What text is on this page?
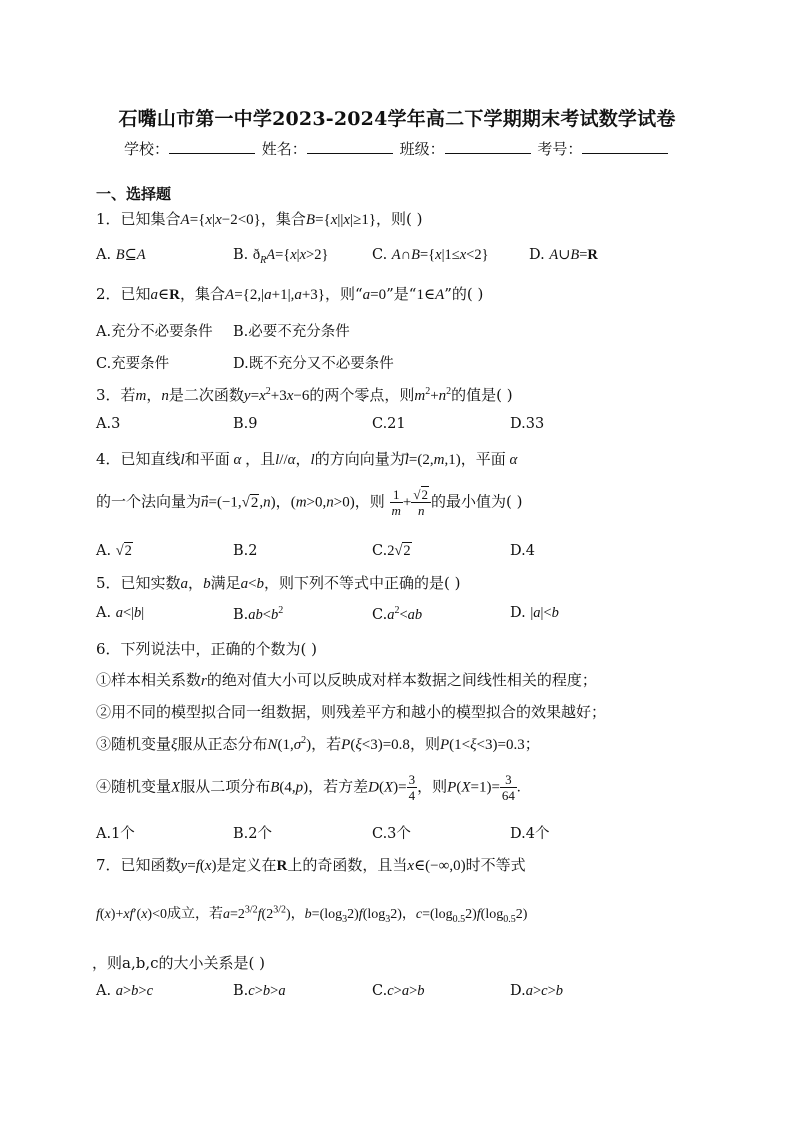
石嘴山市第一中学2023-2024学年高二下学期期末考试数学试卷
学校：	姓名：	班级：	考号：
一、选择题
1．已知集合A={x|x−2<0}，集合B={x||x|≥1}，则( )
A. B⊆A	B. $ð_RA=\{x|x>2\}$	C. A∩B={x|1≤x<2}	D. A∪B=R
2．已知a∈R，集合A={2,|a+1|,a+3}，则“a=0”是“1∈A”的( )
A.充分不必要条件 B.必要不充分条件
C.充要条件	D.既不充分又不必要条件
3．若m，n是二次函数$y=x^2+3x-6$的两个零点，则$m^2+n^2$的值是( )
A.3	B.9	C.21	D.33
4．已知直线l和平面 α ，且l//α，l的方向向量为l⃗=(2,m,1)，平面 α
的一个法向量为n⃗=(−1,√2,n)，(m>0,n>0)，则 $\frac{1}{m} + \frac{√2}{n}$ 的最小值为( )
A. √2	B.2	C.2√2	D.4
5．已知实数a，b满足a<b，则下列不等式中正确的是( )
A. a<|b|	$B.ab<b^2$	$C.a^2<ab$	D. |a|<b
6．下列说法中，正确的个数为( )
①样本相关系数r的绝对值大小可以反映成对样本数据之间线性相关的程度；
②用不同的模型拟合同一组数据，则残差平方和越小的模型拟合的效果越好；
③随机变量ξ服从正态分布$N(1,\sigma^2)$，若P(ξ<3)=0.8，则P(1<ξ<3)=0.3；
④随机变量X服从二项分布B(4,p)，若方差$D(X)= \frac{3}{4}$ ，则$P(X=1)= \frac{3}{64}$ .
A.1个	B.2个	C.3个	D.4个
7．已知函数y=f(x)是定义在R上的奇函数，且当x∈(−∞,0)时不等式
f(x)+xf′(x)<0成立，若$a=2^{3/2}f(2^{3/2})$，$b=(\log_32)f(\log_32)$，$c=(\log_{0.5}2)f(\log_{0.5}2)$
，则a,b,c的大小关系是( )
A. a>b>c	B.c>b>a	C.c>a>b	D.a>c>b
